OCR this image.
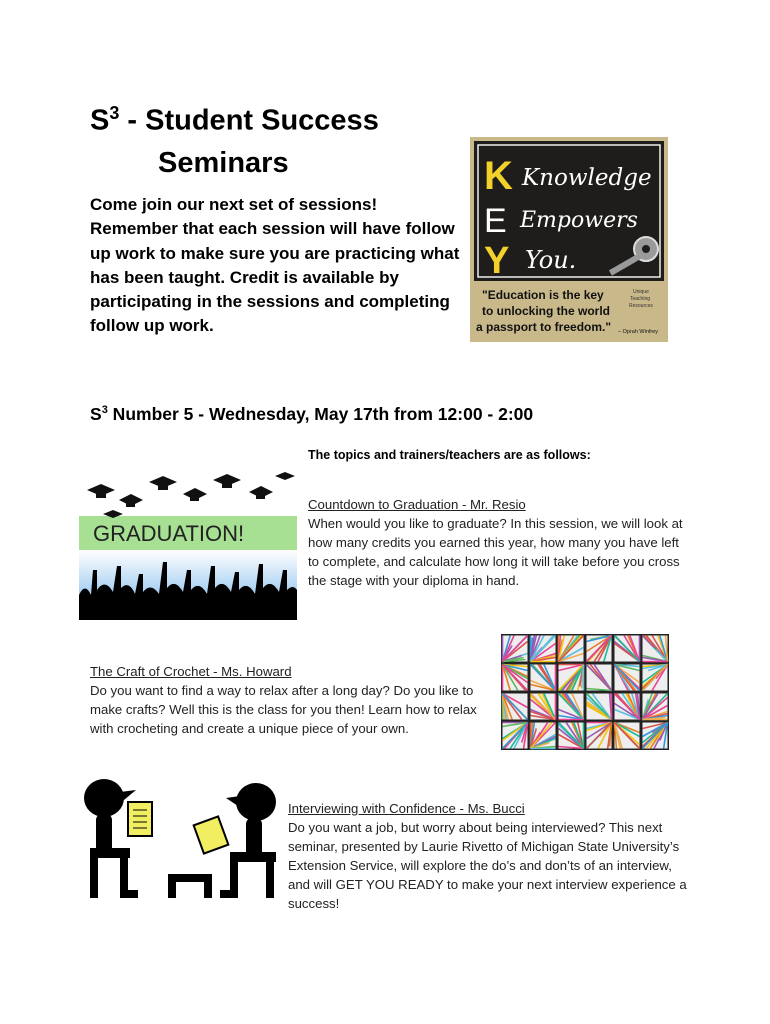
$S^3$ - Student Success
Seminars
Come join our next set of sessions! Remember that each session will have follow up work to make sure you are practicing what has been taught. Credit is available by participating in the sessions and completing follow up work.
K
E
Y
Knowledge
Empowers
You.
"Education is the key
to unlocking the world
a passport to freedom." – Oprah Winfrey
Unique
Teaching
Resources
$S^3$ Number 5 - Wednesday, May 17th from 12:00 - 2:00
The topics and trainers/teachers are as follows:
GRADUATION!
Countdown to Graduation - Mr. Resio
When would you like to graduate? In this session, we will look at how many credits you earned this year, how many you have left to complete, and calculate how long it will take before you cross the stage with your diploma in hand.
The Craft of Crochet - Ms. Howard
Do you want to find a way to relax after a long day? Do you like to make crafts? Well this is the class for you then! Learn how to relax with crocheting and create a unique piece of your own.
Interviewing with Confidence - Ms. Bucci
Do you want a job, but worry about being interviewed? This next seminar, presented by Laurie Rivetto of Michigan State University’s Extension Service, will explore the do’s and don’ts of an interview, and will GET YOU READY to make your next interview experience a success!
